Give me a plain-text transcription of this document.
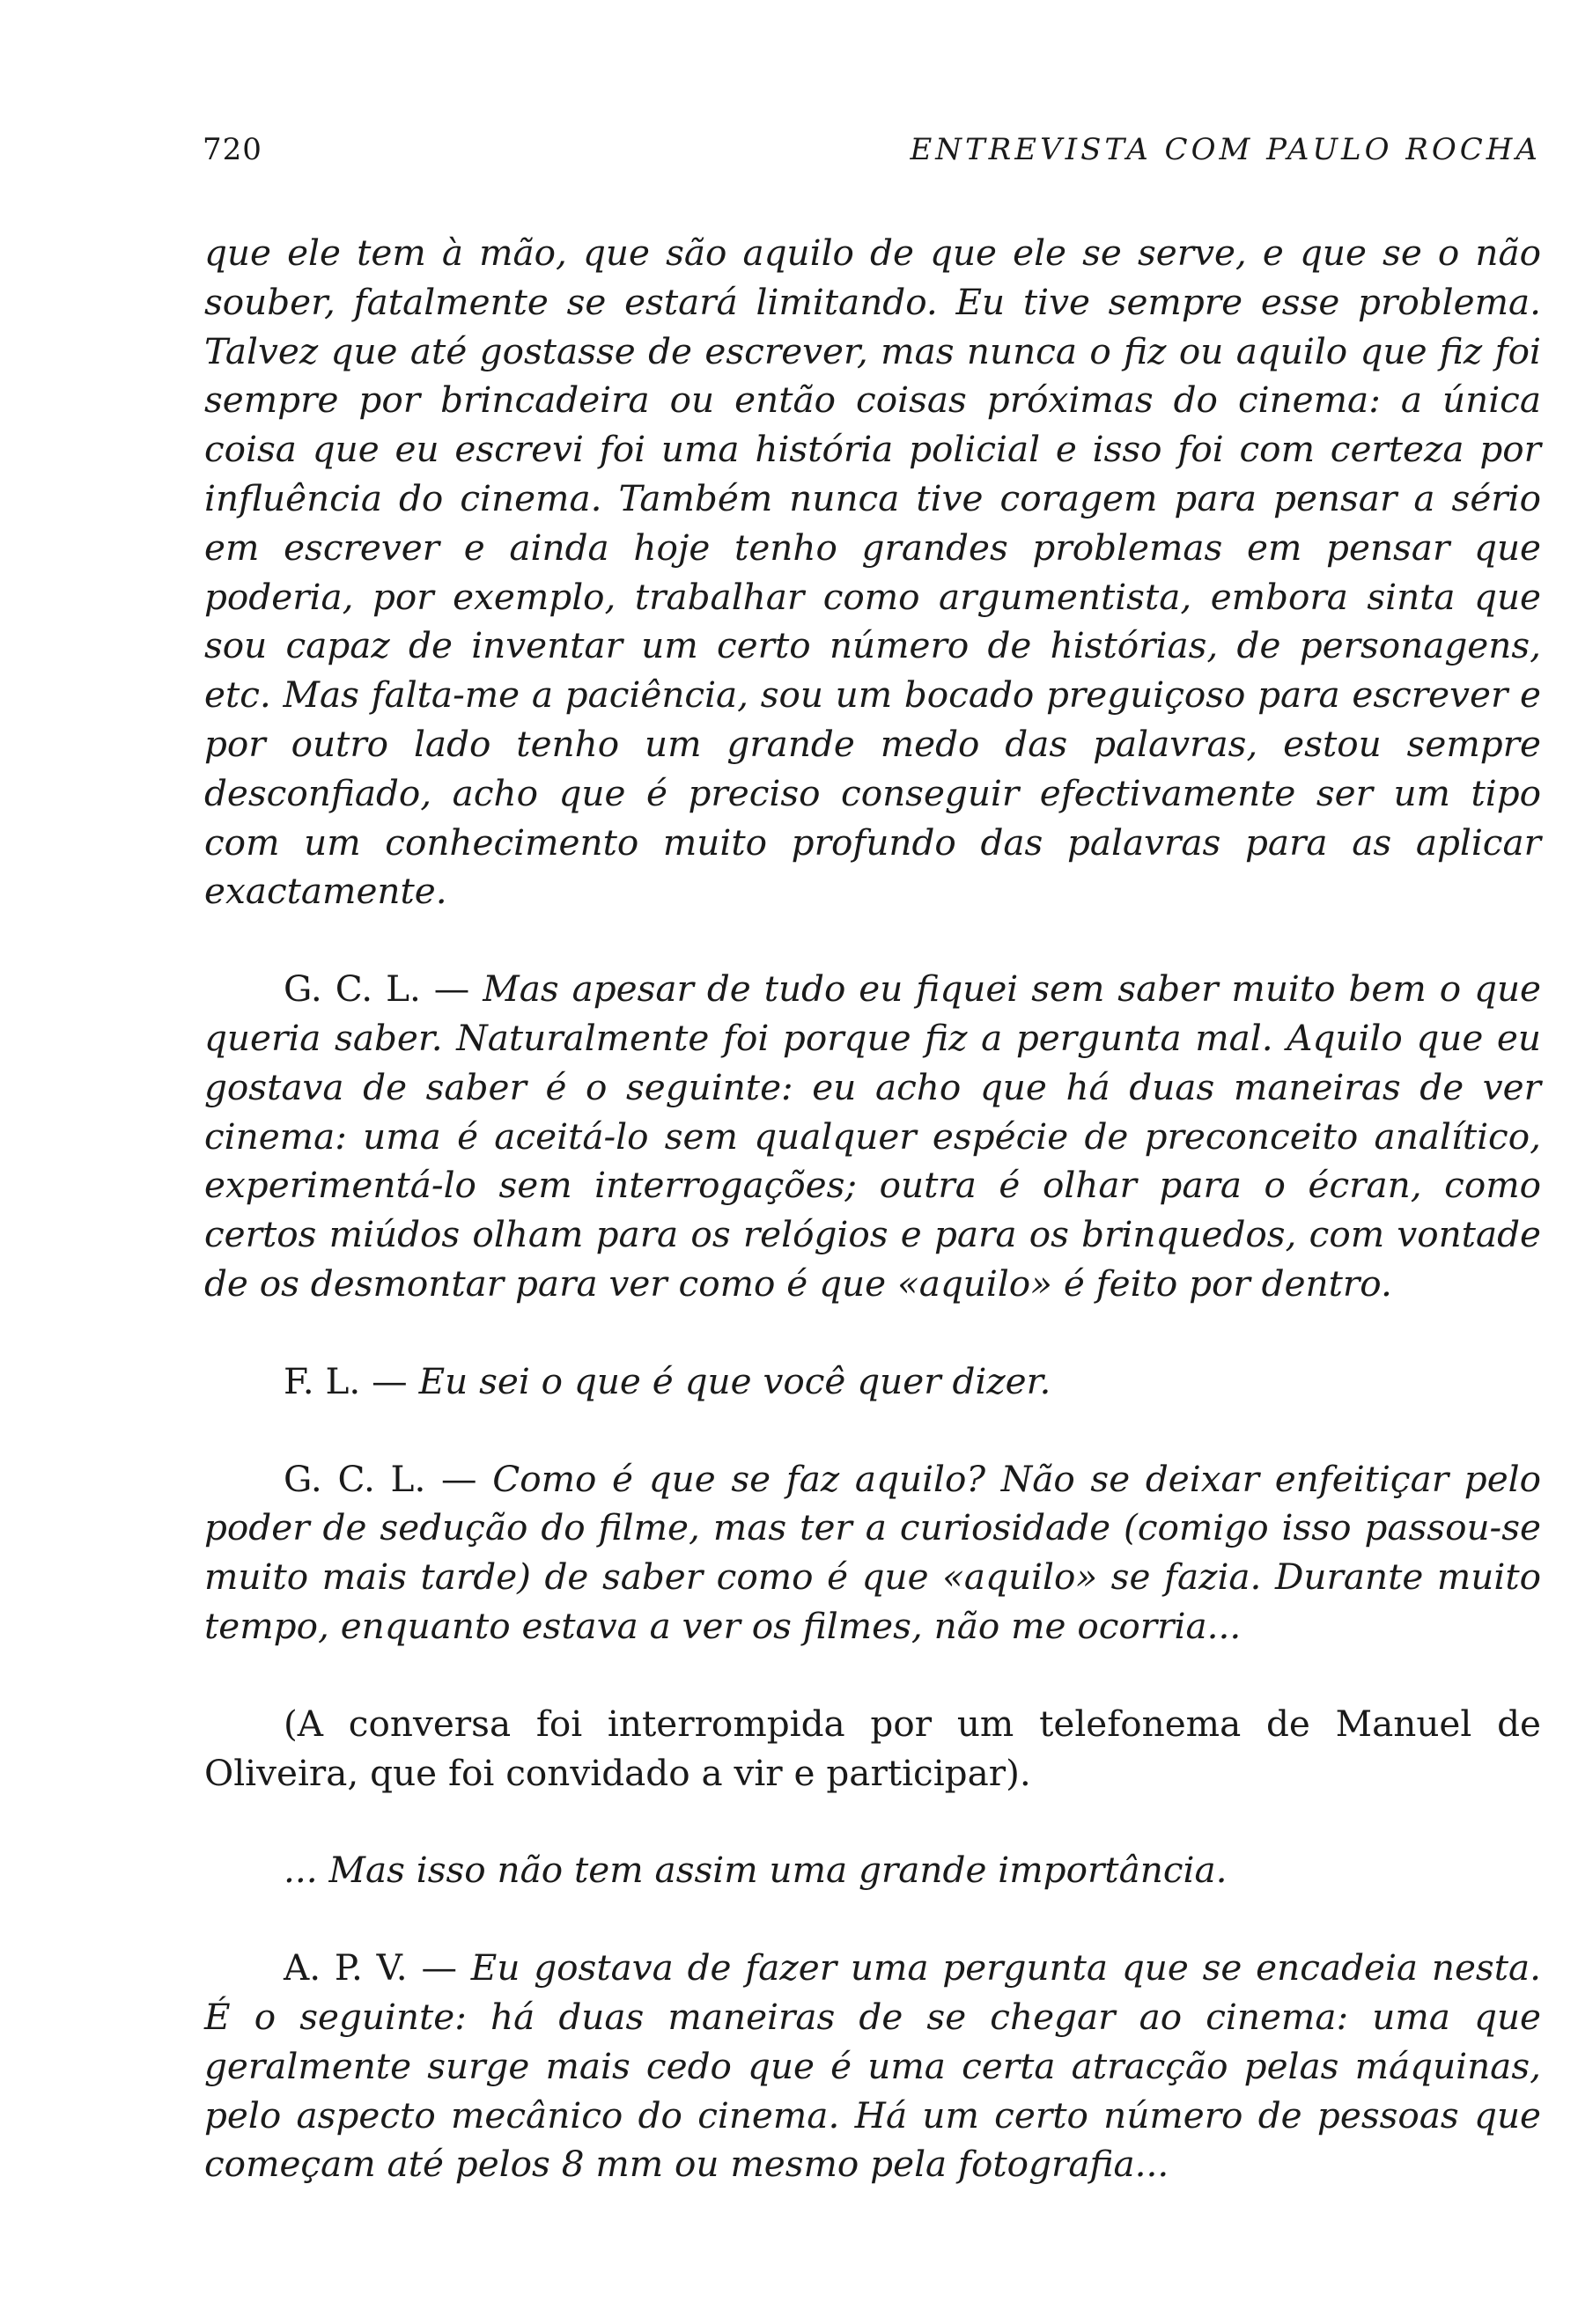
720	ENTREVISTA COM PAULO ROCHA

que ele tem à mão, que são aquilo de que ele se serve, e que se o não souber, fatalmente se estará limitando. Eu tive sempre esse problema. Talvez que até gostasse de escrever, mas nunca o fiz ou aquilo que fiz foi sempre por brincadeira ou então coisas próximas do cinema: a única coisa que eu escrevi foi uma história policial e isso foi com certeza por influência do cinema. Também nunca tive coragem para pensar a sério em escrever e ainda hoje tenho grandes problemas em pensar que poderia, por exemplo, trabalhar como argumentista, embora sinta que sou capaz de inventar um certo número de histórias, de personagens, etc. Mas falta-me a paciência, sou um bocado preguiçoso para escrever e por outro lado tenho um grande medo das palavras, estou sempre desconfiado, acho que é preciso conseguir efectivamente ser um tipo com um conhecimento muito profundo das palavras para as aplicar exactamente.

G. C. L. — Mas apesar de tudo eu fiquei sem saber muito bem o que queria saber. Naturalmente foi porque fiz a pergunta mal. Aquilo que eu gostava de saber é o seguinte: eu acho que há duas maneiras de ver cinema: uma é aceitá-lo sem qualquer espécie de preconceito analítico, experimentá-lo sem interrogações; outra é olhar para o écran, como certos miúdos olham para os relógios e para os brinquedos, com vontade de os desmontar para ver como é que «aquilo» é feito por dentro.

F. L. — Eu sei o que é que você quer dizer.

G. C. L. — Como é que se faz aquilo? Não se deixar enfeitiçar pelo poder de sedução do filme, mas ter a curiosidade (comigo isso passou-se muito mais tarde) de saber como é que «aquilo» se fazia. Durante muito tempo, enquanto estava a ver os filmes, não me ocorria...

(A conversa foi interrompida por um telefonema de Manuel de Oliveira, que foi convidado a vir e participar).

... Mas isso não tem assim uma grande importância.

A. P. V. — Eu gostava de fazer uma pergunta que se encadeia nesta. É o seguinte: há duas maneiras de se chegar ao cinema: uma que geralmente surge mais cedo que é uma certa atracção pelas máquinas, pelo aspecto mecânico do cinema. Há um certo número de pessoas que começam até pelos 8 mm ou mesmo pela fotografia...
